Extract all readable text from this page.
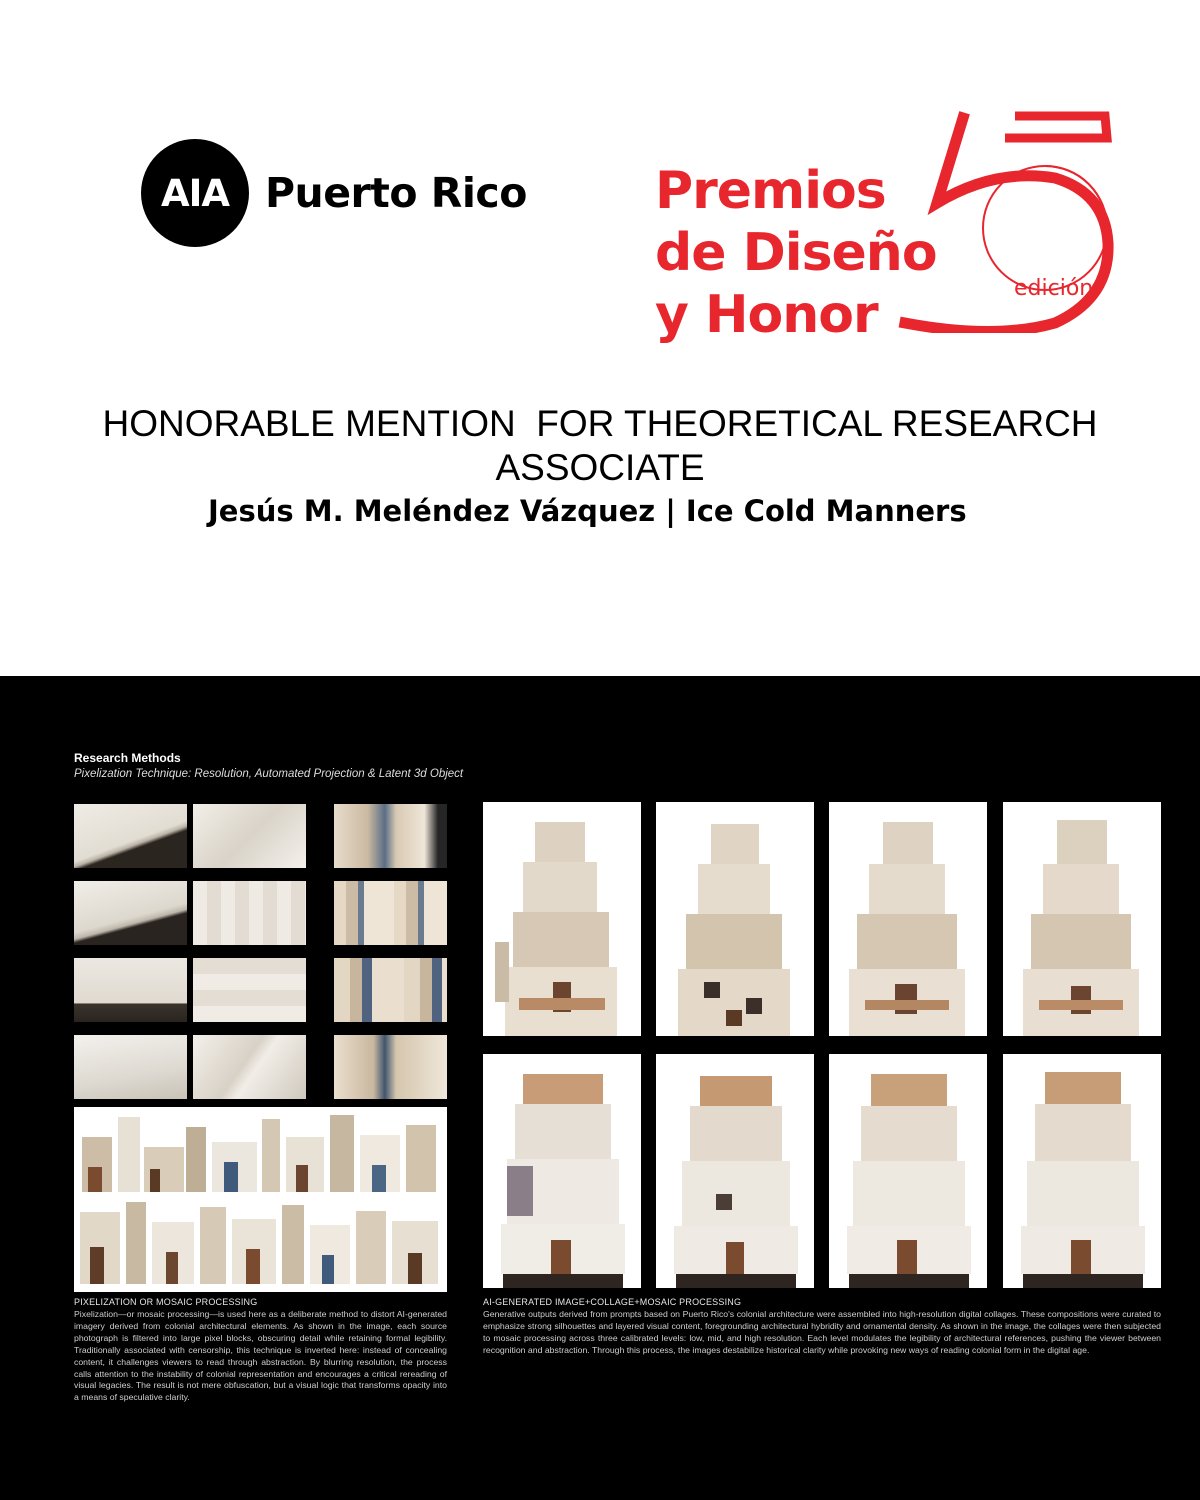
AIA Puerto Rico Premios
de Diseño
y Honor	edición
HONORABLE MENTION  FOR THEORETICAL RESEARCH
ASSOCIATE
Jesús M. Meléndez Vázquez | Ice Cold Manners
Research Methods
Pixelization Technique: Resolution, Automated Projection & Latent 3d Object
PIXELIZATION OR MOSAIC PROCESSING
Pixelization—or mosaic processing—is used here as a deliberate method to distort AI-generated imagery derived from colonial architectural elements. As shown in the image, each source photograph is filtered into large pixel blocks, obscuring detail while retaining formal legibility. Traditionally associated with censorship, this technique is inverted here: instead of concealing content, it challenges viewers to read through abstraction. By blurring resolution, the process calls attention to the instability of colonial representation and encourages a critical rereading of visual legacies. The result is not mere obfuscation, but a visual logic that transforms opacity into a means of speculative clarity.
AI-GENERATED IMAGE+COLLAGE+MOSAIC PROCESSING
Generative outputs derived from prompts based on Puerto Rico's colonial architecture were assembled into high-resolution digital collages. These compositions were curated to emphasize strong silhouettes and layered visual content, foregrounding architectural hybridity and ornamental density. As shown in the image, the collages were then subjected to mosaic processing across three calibrated levels: low, mid, and high resolution. Each level modulates the legibility of architectural references, pushing the viewer between recognition and abstraction. Through this process, the images destabilize historical clarity while provoking new ways of reading colonial form in the digital age.
